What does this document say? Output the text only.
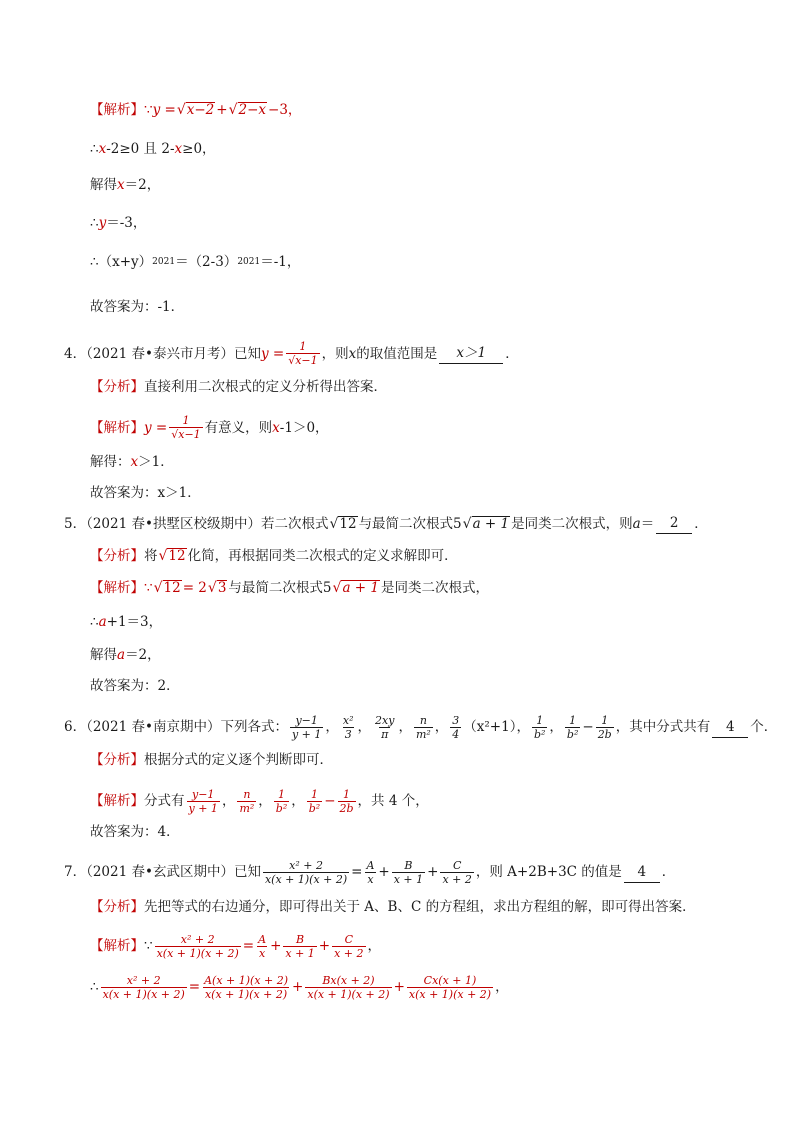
【解析】 ∵ y = √ x−2 + √ 2−x −3，
∴ x -2≥0 且 2- x ≥0，
解得 x ＝2，
∴ y ＝-3，
∴（x+y） 2021 ＝（2-3） 2021 ＝-1，
故答案为：-1．
4．（2021 春•泰兴市月考）已知 $y = \frac{1}{√x-1}$ ，则 x 的取值范围是	x＞1	．
【分析】 直接利用二次根式的定义分析得出答案．
【解析】 $y = \frac{1}{√x-1}$ 有意义，则 x -1＞0，
解得： x ＞1．
故答案为：x＞1．
5．（2021 春•拱墅区校级期中）若二次根式 √ 12 与最简二次根式5 √ a + 1 是同类二次根式，则 a ＝	2	．
【分析】 将 √ 12 化简，再根据同类二次根式的定义求解即可．
【解析】 ∵ √ 12 = 2 √ 3 与最简二次根式5 √ a + 1 是同类二次根式，
∴ a +1＝3，
解得 a ＝2，
故答案为：2．
6．（2021 春•南京期中）下列各式： $\frac{y-1}{y + 1}$ ， $\frac{\text{x²}}{3}$ ， $\frac{2xy}{\pi}$ ， $\frac{n}{\text{m²}}$ ， $\frac{3}{4} (x^2+1)$， $\frac{1}{\text{b²}}$ ， $\frac{1}{\text{b²}} - \frac{1}{2b}$ ，其中分式共有	4	个．
【分析】 根据分式的定义逐个判断即可．
【解析】 分式有 $\frac{y-1}{y + 1}$ ， $\frac{n}{\text{m²}}$ ， $\frac{1}{\text{b²}}$ ， $\frac{1}{\text{b²}} - \frac{1}{2b}$ ，共 4 个，
故答案为：4．
7．（2021 春•玄武区期中）已知 $\frac{\text{x² + 2}}{x(x + 1)(x + 2)} = \frac{A}{x} + \frac{B}{x + 1} + \frac{C}{x + 2}$ ，则 A+2B+3C 的值是	4	．
【分析】 先把等式的右边通分，即可得出关于 A、B、C 的方程组，求出方程组的解，即可得出答案．
【解析】 ∵ $\frac{\text{x² + 2}}{x(x + 1)(x + 2)} = \frac{A}{x} + \frac{B}{x + 1} + \frac{C}{x + 2}$ ，
∴ $\frac{\text{x² + 2}}{x(x + 1)(x + 2)} = \frac{A(x + 1)(x + 2)}{x(x + 1)(x + 2)} + \frac{Bx(x + 2)}{x(x + 1)(x + 2)} + \frac{Cx(x + 1)}{x(x + 1)(x + 2)}$ ，
